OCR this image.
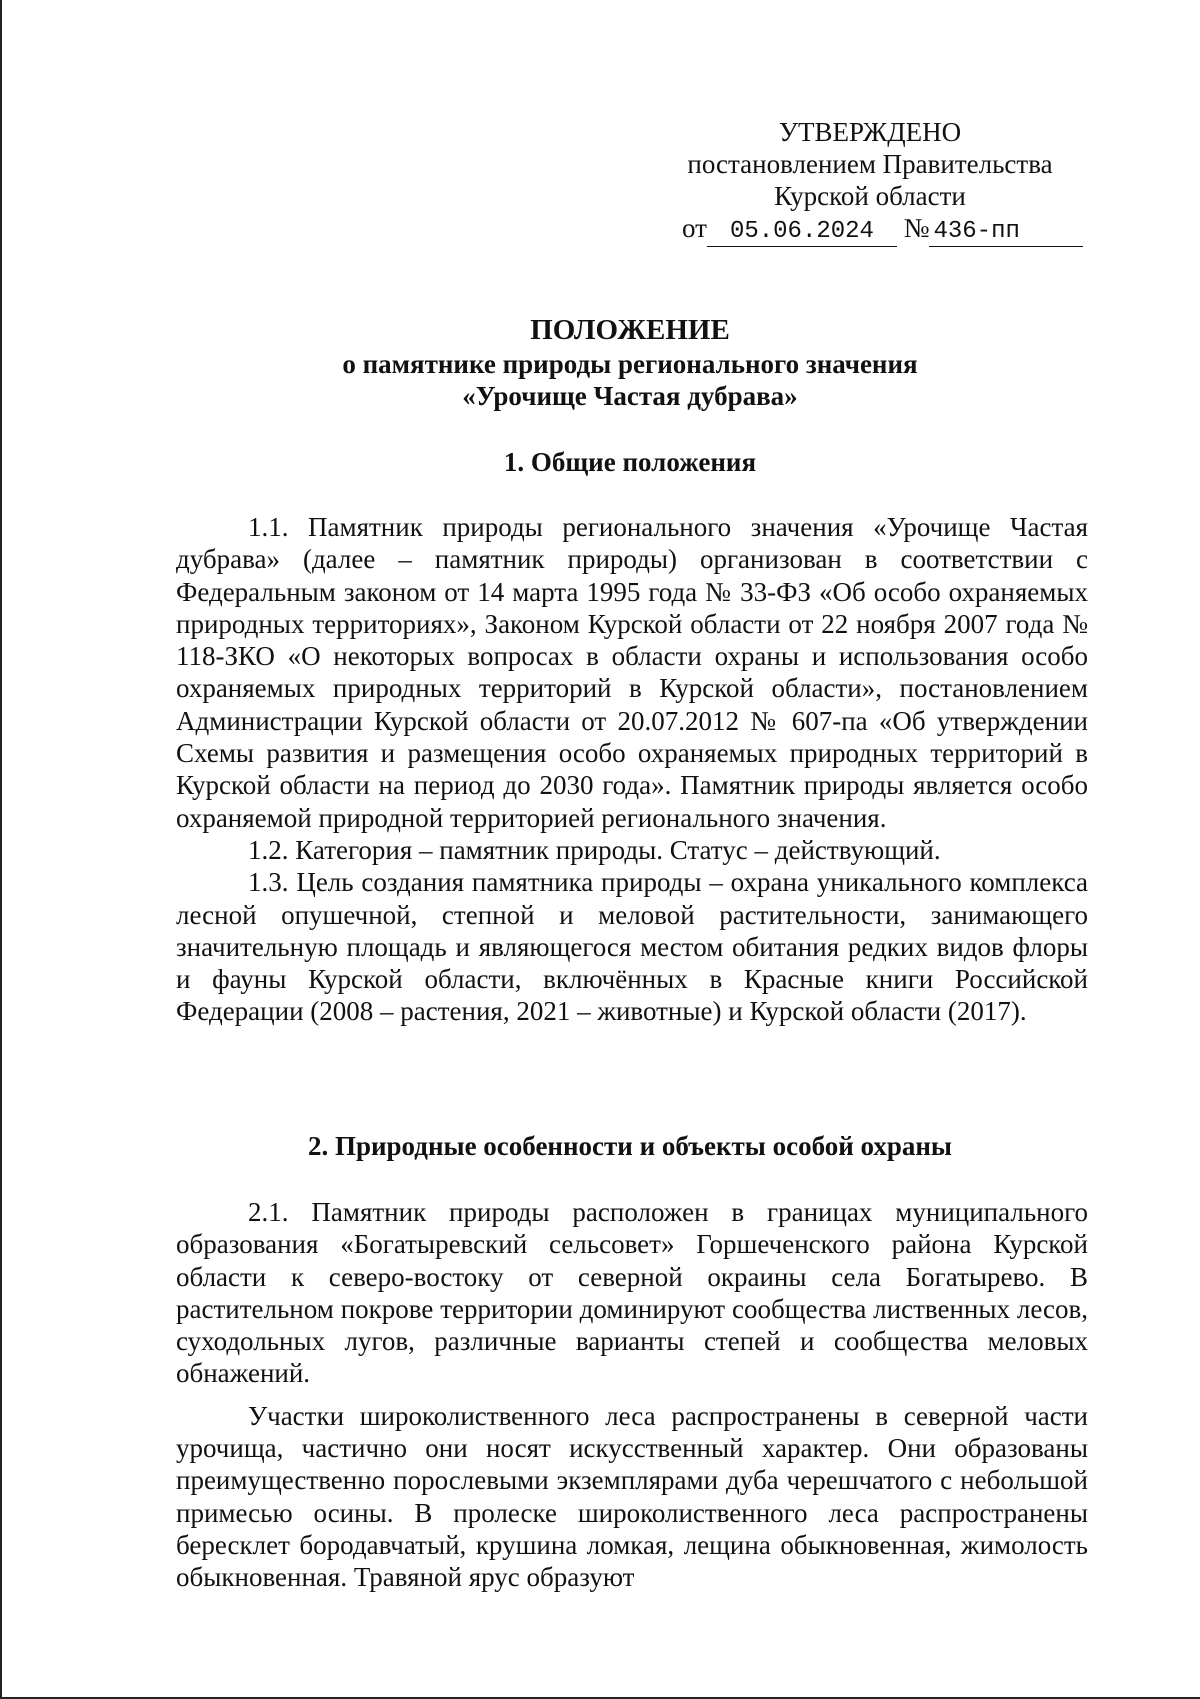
УТВЕРЖДЕНО
постановлением Правительства
Курской области
от 05.06.2024 № 436-пп
ПОЛОЖЕНИЕ
о памятнике природы регионального значения
«Урочище Частая дубрава»
1. Общие положения

1.1. Памятник природы регионального значения «Урочище Частая дубрава» (далее – памятник природы) организован в соответствии с Федеральным законом от 14 марта 1995 года № 33-ФЗ «Об особо охраняемых природных территориях», Законом Курской области от 22 ноября 2007 года № 118-ЗКО «О некоторых вопросах в области охраны и использования особо охраняемых природных территорий в Курской области», постановлением Администрации Курской области от 20.07.2012 № 607-па «Об утверждении Схемы развития и размещения особо охраняемых природных территорий в Курской области на период до 2030 года». Памятник природы является особо охраняемой природной территорией регионального значения.

1.2. Категория – памятник природы. Статус – действующий.

1.3. Цель создания памятника природы – охрана уникального комплекса лесной опушечной, степной и меловой растительности, занимающего значительную площадь и являющегося местом обитания редких видов флоры и фауны Курской области, включённых в Красные книги Российской Федерации (2008 – растения, 2021 – животные) и Курской области (2017).

2. Природные особенности и объекты особой охраны

2.1. Памятник природы расположен в границах муниципального образования «Богатыревский сельсовет» Горшеченского района Курской области к северо-востоку от северной окраины села Богатырево. В растительном покрове территории доминируют сообщества лиственных лесов, суходольных лугов, различные варианты степей и сообщества меловых обнажений.

Участки широколиственного леса распространены в северной части урочища, частично они носят искусственный характер. Они образованы преимущественно порослевыми экземплярами дуба черешчатого с небольшой примесью осины. В пролеске широколиственного леса распространены бересклет бородавчатый, крушина ломкая, лещина обыкновенная, жимолость обыкновенная. Травяной ярус образуют
